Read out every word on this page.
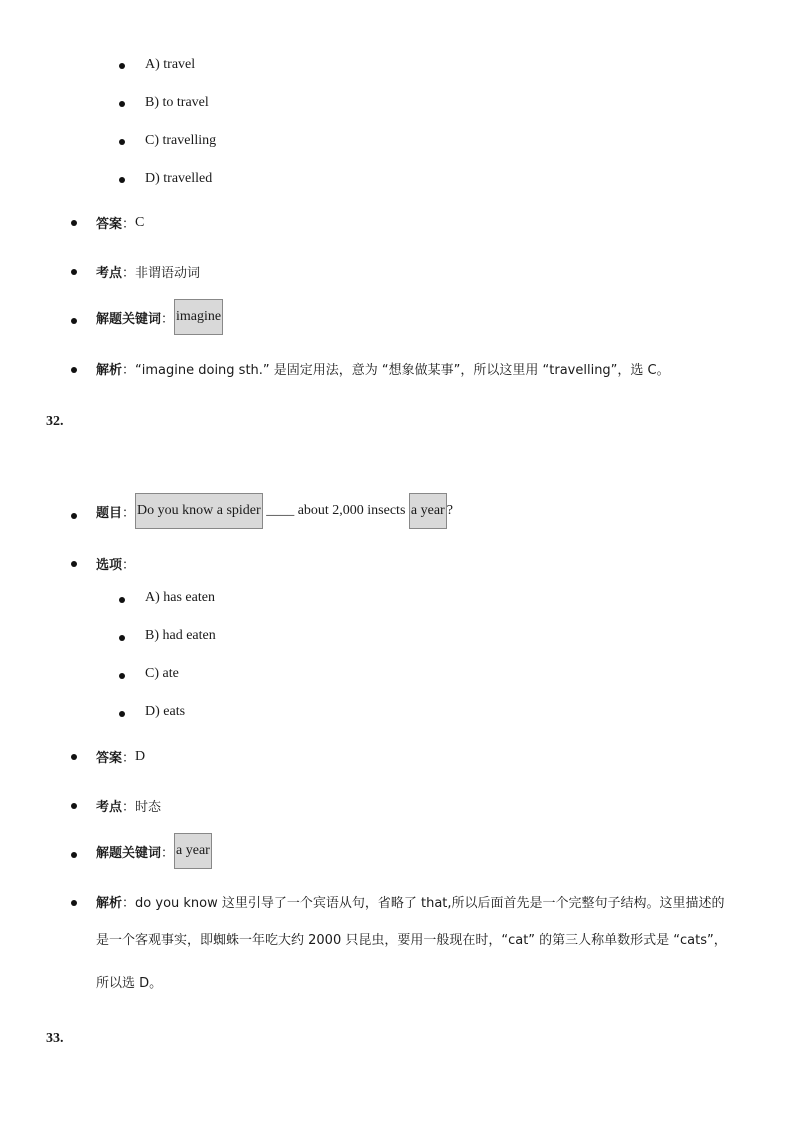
A) travel
B) to travel
C) travelling
D) travelled
答案 ： C
考点 ： 非谓语动词
解题关键词 ： imagine
解析 ： “imagine doing sth.” 是固定用法，意为 “想象做某事”，所以这里用 “travelling”，选 C。
32.
题目 ： Do you know a spider ____ about 2,000 insects a year ?
选项 ：
A) has eaten
B) had eaten
C) ate
D) eats
答案 ： D
考点 ： 时态
解题关键词 ： a year
解析 ： do you know 这里引导了一个宾语从句，省略了 that,所以后面首先是一个完整句子结构。这里描述的
是一个客观事实，即蜘蛛一年吃大约 2000 只昆虫，要用一般现在时，“cat” 的第三人称单数形式是 “cats”，
所以选 D。
33.
